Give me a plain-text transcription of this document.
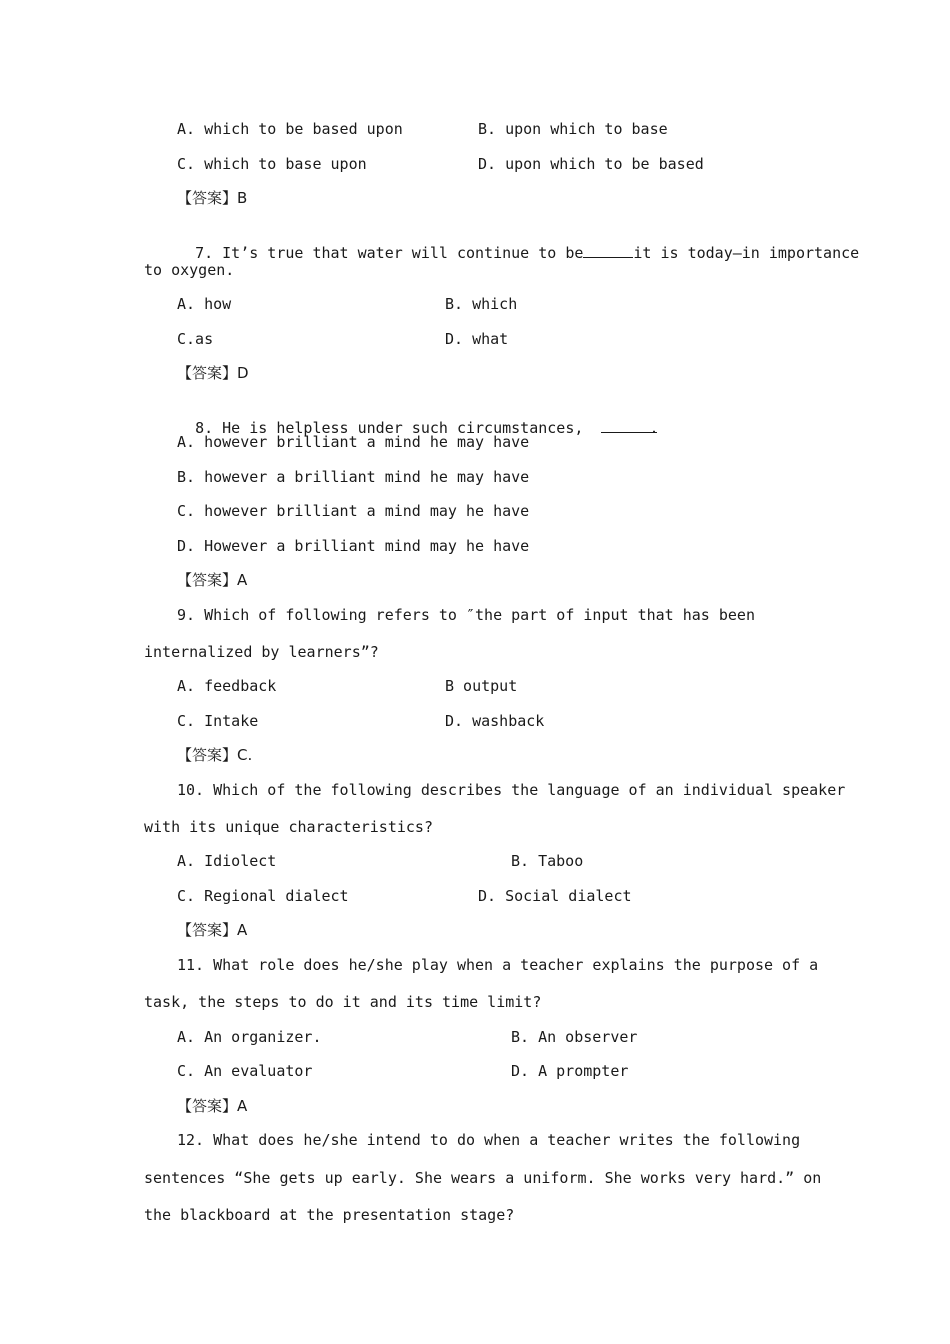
A. which to be based upon	B. upon which to base
C. which to base upon	D. upon which to be based
【答案】B

7. It’s true that water will continue to be	it is today—in importance

to oxygen.
A. how	B. which
C.as	D. what
【答案】D

8. He is helpless under such circumstances,	.

A. however brilliant a mind he may have
B. however a brilliant mind he may have
C. however brilliant a mind may he have
D. However a brilliant mind may he have
【答案】A
9. Which of following refers to ″the part of input that has been
internalized by learners”?
A. feedback	B output
C. Intake	D. washback
【答案】C.
10. Which of the following describes the language of an individual speaker
with its unique characteristics?
A. Idiolect	B. Taboo
C. Regional dialect	D. Social dialect
【答案】A
11. What role does he/she play when a teacher explains the purpose of a
task, the steps to do it and its time limit?
A. An organizer.	B. An observer
C. An evaluator	D. A prompter
【答案】A
12. What does he/she intend to do when a teacher writes the following
sentences “She gets up early. She wears a uniform. She works very hard.” on
the blackboard at the presentation stage?
